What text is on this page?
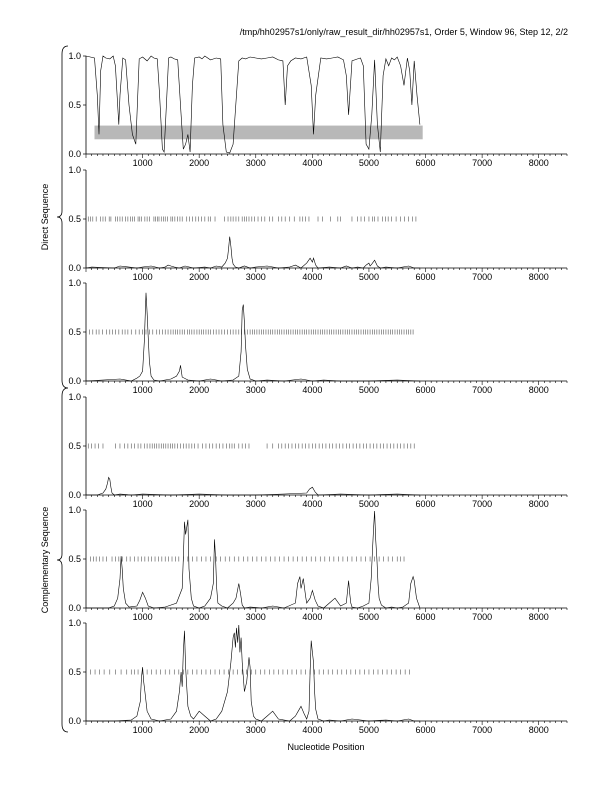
/tmp/hh02957s1/only/raw_result_dir/hh02957s1, Order 5, Window 96, Step 12, 2/2
Direct Sequence
Complementary Sequence
0.0
0.5
1.0
1000	2000	3000	4000	5000	6000	7000	8000
0.0
0.5
1.0
1000	2000	3000	4000	5000	6000	7000	8000
0.0
0.5
1.0
1000	2000	3000	4000	5000	6000	7000	8000
0.0
0.5
1.0
1000	2000	3000	4000	5000	6000	7000	8000
0.0
0.5
1.0
1000	2000	3000	4000	5000	6000	7000	8000
0.0
0.5
1.0
1000	2000	3000	4000	5000	6000	7000	8000
Nucleotide Position
